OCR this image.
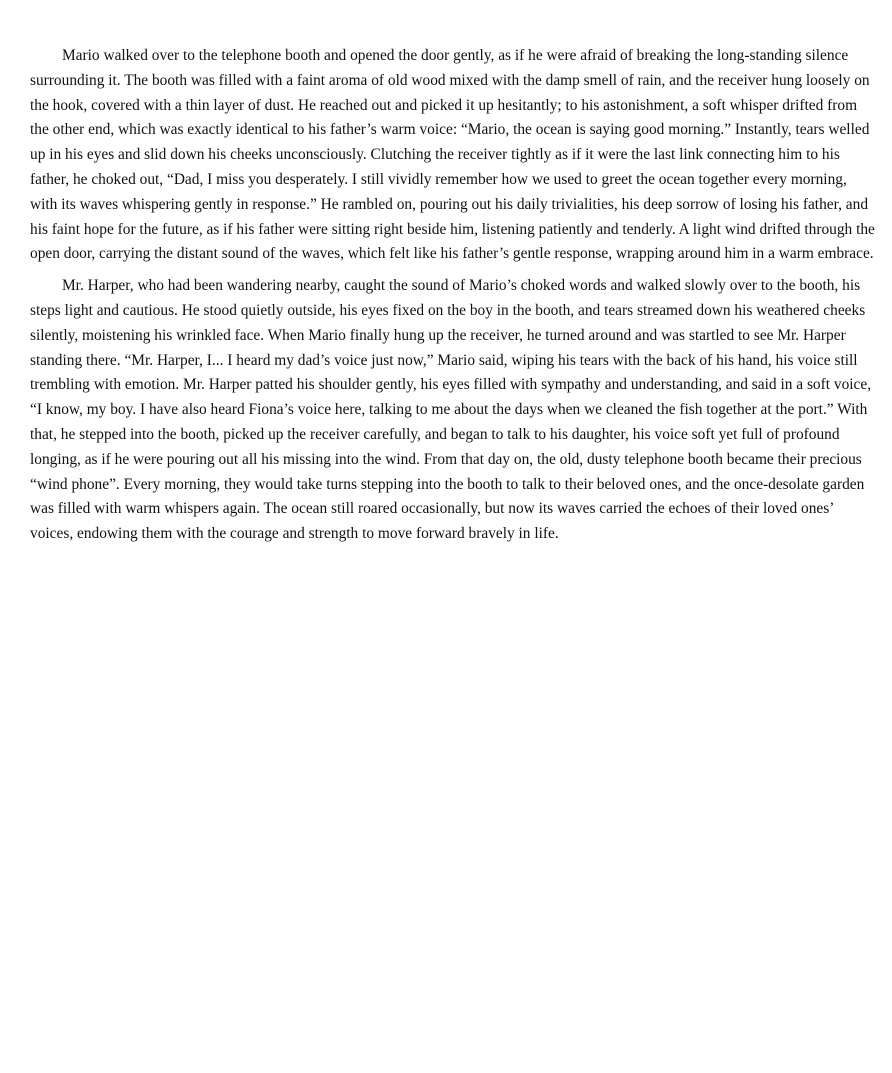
Mario walked over to the telephone booth and opened the door gently, as if he were afraid of breaking the long-standing silence surrounding it. The booth was filled with a faint aroma of old wood mixed with the damp smell of rain, and the receiver hung loosely on the hook, covered with a thin layer of dust. He reached out and picked it up hesitantly; to his astonishment, a soft whisper drifted from the other end, which was exactly identical to his father’s warm voice: “Mario, the ocean is saying good morning.” Instantly, tears welled up in his eyes and slid down his cheeks unconsciously. Clutching the receiver tightly as if it were the last link connecting him to his father, he choked out, “Dad, I miss you desperately. I still vividly remember how we used to greet the ocean together every morning, with its waves whispering gently in response.” He rambled on, pouring out his daily trivialities, his deep sorrow of losing his father, and his faint hope for the future, as if his father were sitting right beside him, listening patiently and tenderly. A light wind drifted through the open door, carrying the distant sound of the waves, which felt like his father’s gentle response, wrapping around him in a warm embrace.

Mr. Harper, who had been wandering nearby, caught the sound of Mario’s choked words and walked slowly over to the booth, his steps light and cautious. He stood quietly outside, his eyes fixed on the boy in the booth, and tears streamed down his weathered cheeks silently, moistening his wrinkled face. When Mario finally hung up the receiver, he turned around and was startled to see Mr. Harper standing there. “Mr. Harper, I... I heard my dad’s voice just now,” Mario said, wiping his tears with the back of his hand, his voice still trembling with emotion. Mr. Harper patted his shoulder gently, his eyes filled with sympathy and understanding, and said in a soft voice, “I know, my boy. I have also heard Fiona’s voice here, talking to me about the days when we cleaned the fish together at the port.” With that, he stepped into the booth, picked up the receiver carefully, and began to talk to his daughter, his voice soft yet full of profound longing, as if he were pouring out all his missing into the wind. From that day on, the old, dusty telephone booth became their precious “wind phone”. Every morning, they would take turns stepping into the booth to talk to their beloved ones, and the once-desolate garden was filled with warm whispers again. The ocean still roared occasionally, but now its waves carried the echoes of their loved ones’ voices, endowing them with the courage and strength to move forward bravely in life.
